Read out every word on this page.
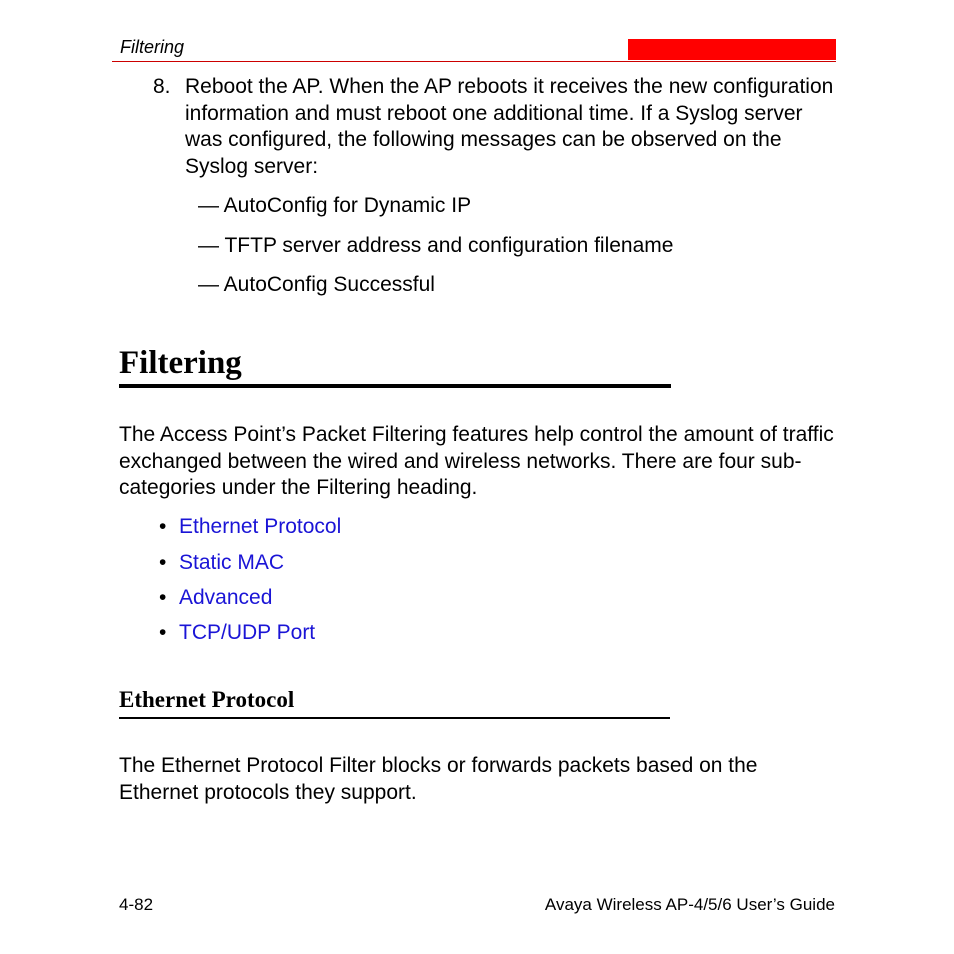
Filtering
8. Reboot the AP. When the AP reboots it receives the new configuration information and must reboot one additional time. If a Syslog server was configured, the following messages can be observed on the Syslog server:
— AutoConfig for Dynamic IP
— TFTP server address and configuration filename
— AutoConfig Successful
Filtering
The Access Point’s Packet Filtering features help control the amount of traffic exchanged between the wired and wireless networks. There are four sub-categories under the Filtering heading.
• Ethernet Protocol
• Static MAC
• Advanced
• TCP/UDP Port
Ethernet Protocol
The Ethernet Protocol Filter blocks or forwards packets based on the Ethernet protocols they support.
4-82	Avaya Wireless AP-4/5/6 User’s Guide
